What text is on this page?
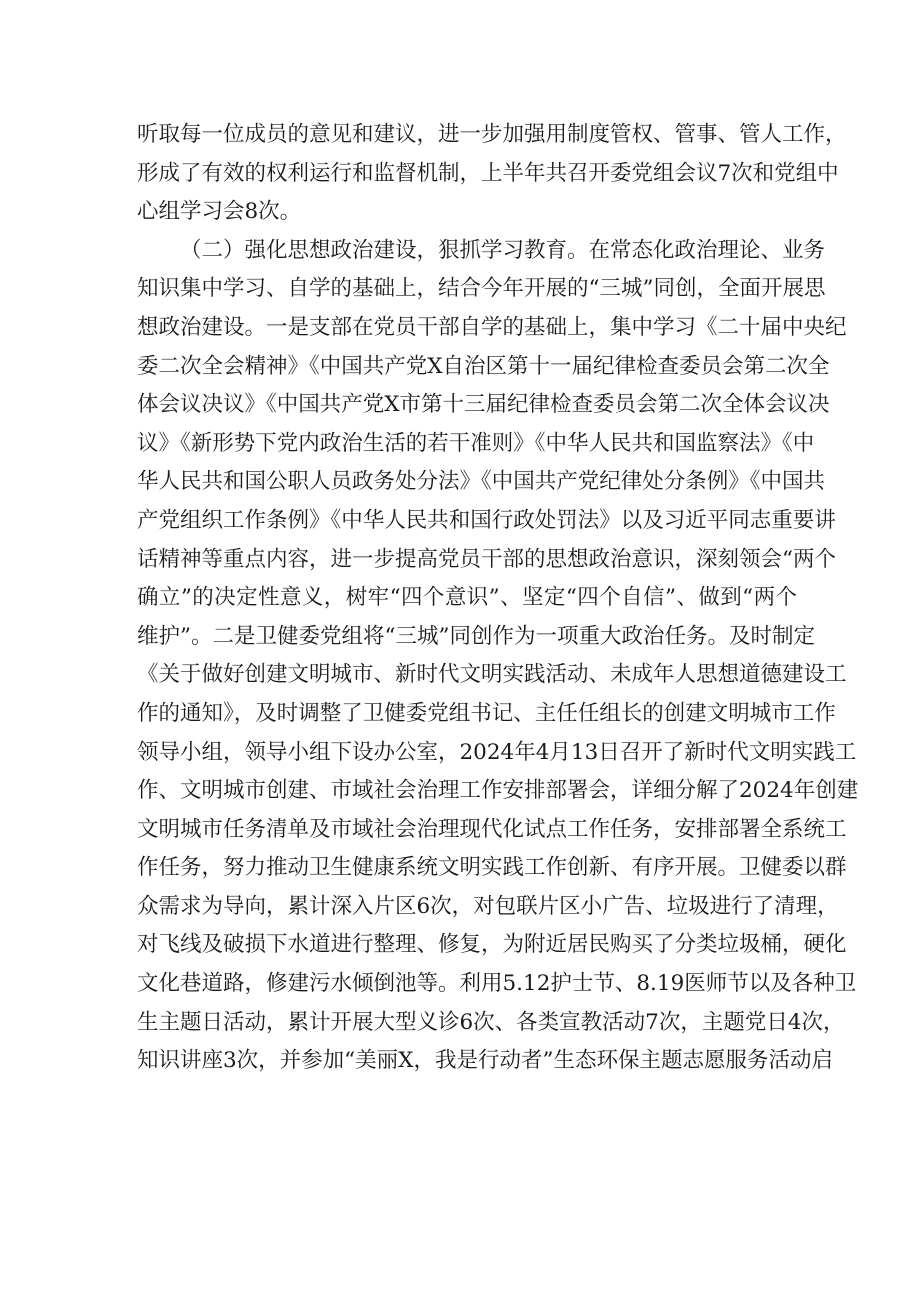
听取每一位成员的意见和建议，进一步加强用制度管权、管事、管人工作，
形成了有效的权利运行和监督机制，上半年共召开委党组会议7次和党组中
心组学习会8次。
（二）强化思想政治建设，狠抓学习教育。在常态化政治理论、业务
知识集中学习、自学的基础上，结合今年开展的“三城”同创，全面开展思
想政治建设。一是支部在党员干部自学的基础上，集中学习《二十届中央纪
委二次全会精神》《中国共产党X自治区第十一届纪律检查委员会第二次全
体会议决议》《中国共产党X市第十三届纪律检查委员会第二次全体会议决
议》《新形势下党内政治生活的若干准则》《中华人民共和国监察法》《中
华人民共和国公职人员政务处分法》《中国共产党纪律处分条例》《中国共
产党组织工作条例》《中华人民共和国行政处罚法》以及习近平同志重要讲
话精神等重点内容，进一步提高党员干部的思想政治意识，深刻领会“两个
确立”的决定性意义，树牢“四个意识”、坚定“四个自信”、做到“两个
维护”。二是卫健委党组将“三城”同创作为一项重大政治任务。及时制定
《关于做好创建文明城市、新时代文明实践活动、未成年人思想道德建设工
作的通知》，及时调整了卫健委党组书记、主任任组长的创建文明城市工作
领导小组，领导小组下设办公室，2024年4月13日召开了新时代文明实践工
作、文明城市创建、市域社会治理工作安排部署会，详细分解了2024年创建
文明城市任务清单及市域社会治理现代化试点工作任务，安排部署全系统工
作任务，努力推动卫生健康系统文明实践工作创新、有序开展。卫健委以群
众需求为导向，累计深入片区6次，对包联片区小广告、垃圾进行了清理，
对飞线及破损下水道进行整理、修复，为附近居民购买了分类垃圾桶，硬化
文化巷道路，修建污水倾倒池等。利用5.12护士节、8.19医师节以及各种卫
生主题日活动，累计开展大型义诊6次、各类宣教活动7次，主题党日4次，
知识讲座3次，并参加“美丽X，我是行动者”生态环保主题志愿服务活动启
